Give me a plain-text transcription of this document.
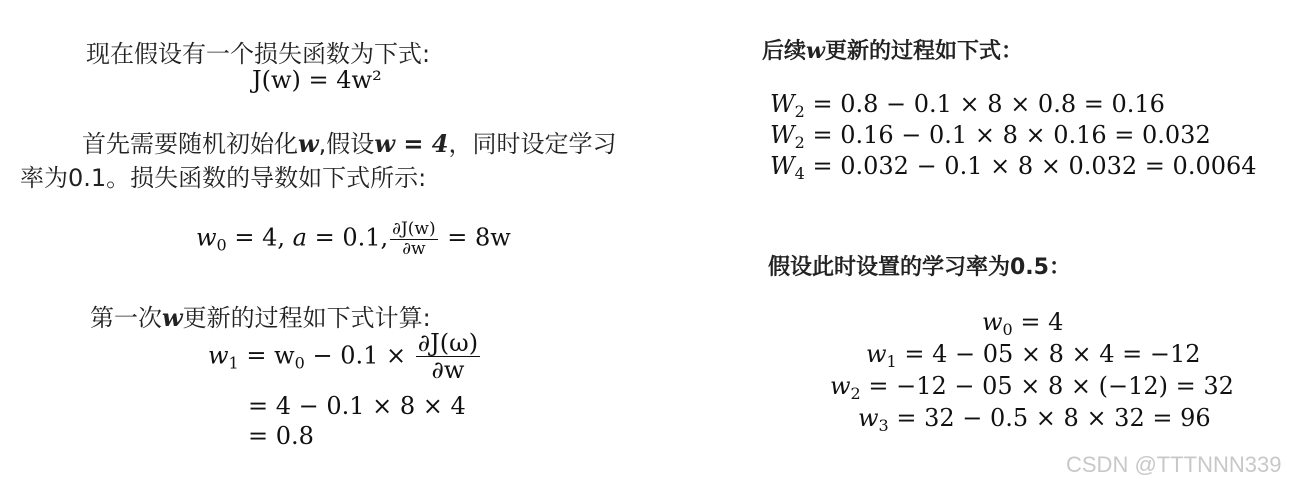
现在假设有一个损失函数为下式:
J(w) = 4w²
首先需要随机初始化w,假设w = 4，同时设定学习
率为0.1。损失函数的导数如下式所示:
$w_0 = 4$, a = 0.1, $\frac{\partial J(w)}{\partial w} = 8w$
第一次w更新的过程如下式计算:
$w_1 = w_0 - 0.1 \times \frac{\partial J(\omega)}{\partial w}$
= 4 − 0.1 × 8 × 4
= 0.8
后续w更新的过程如下式：
$W_2 = 0.8 - 0.1 \times 8 \times 0.8 = 0.16$
$W_2 = 0.16 - 0.1 \times 8 \times 0.16 = 0.032$
$W_4 = 0.032 - 0.1 \times 8 \times 0.032 = 0.0064$
假设此时设置的学习率为0.5：
$w_0 = 4$
$w_1 = 4 - 05 \times 8 \times 4 = -12$
$w_2 = -12 - 05 \times 8 \times (-12) = 32$
$w_3 = 32 - 0.5 \times 8 \times 32 = 96$
CSDN @TTTNNN339
